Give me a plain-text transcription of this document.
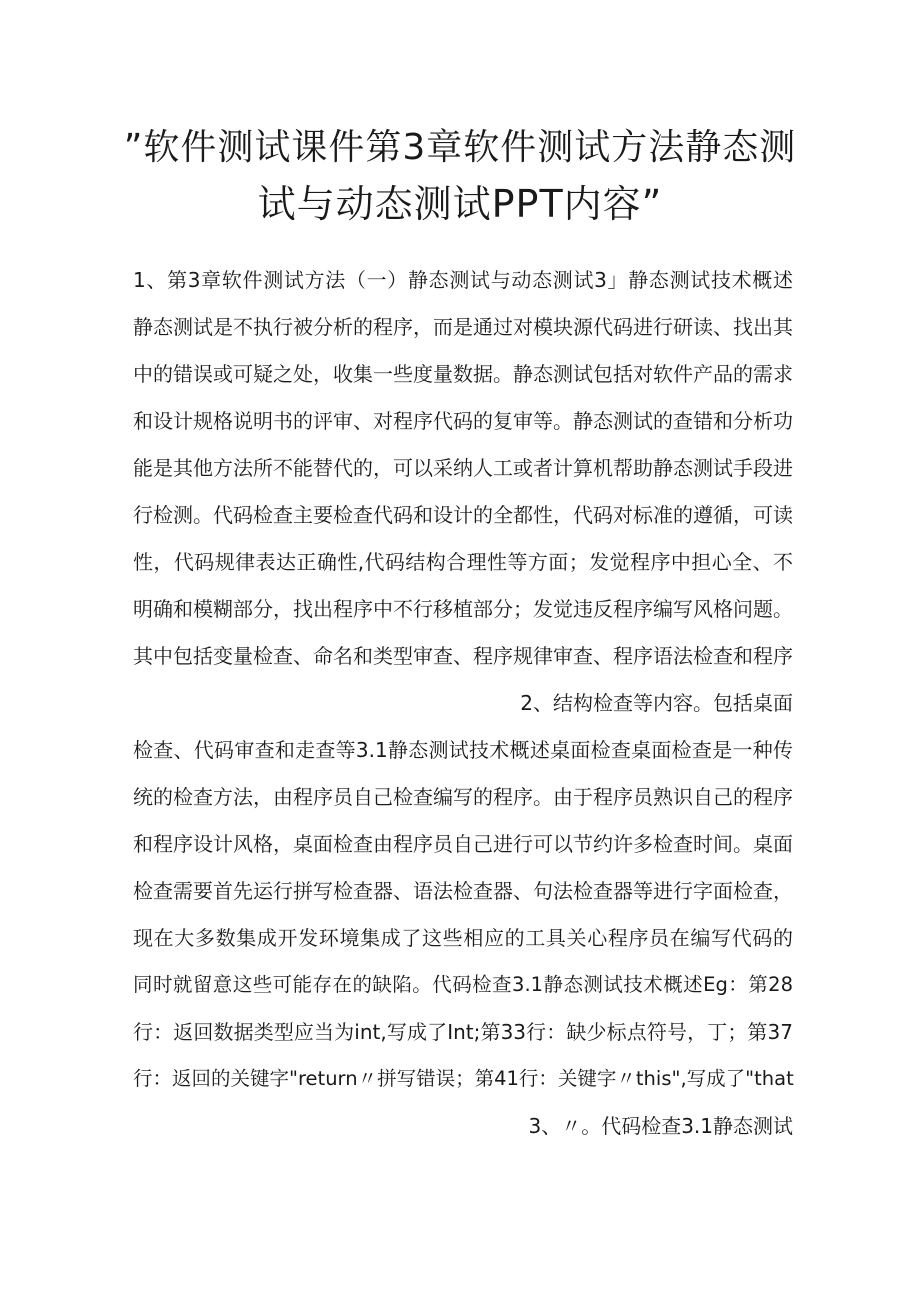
”软件测试课件第3章软件测试方法静态测
试与动态测试PPT内容”
1、第3章软件测试方法（一）静态测试与动态测试3」静态测试技术概述
静态测试是不执行被分析的程序，而是通过对模块源代码进行研读、找出其
中的错误或可疑之处，收集一些度量数据。静态测试包括对软件产品的需求
和设计规格说明书的评审、对程序代码的复审等。静态测试的查错和分析功
能是其他方法所不能替代的，可以采纳人工或者计算机帮助静态测试手段进
行检测。代码检查主要检查代码和设计的全都性，代码对标准的遵循，可读
性，代码规律表达正确性,代码结构合理性等方面；发觉程序中担心全、不
明确和模糊部分，找出程序中不行移植部分；发觉违反程序编写风格问题。
其中包括变量检查、命名和类型审查、程序规律审查、程序语法检查和程序
2、结构检查等内容。包括桌面
检查、代码审查和走查等3.1静态测试技术概述桌面检查桌面检查是一种传
统的检查方法，由程序员自己检查编写的程序。由于程序员熟识自己的程序
和程序设计风格，桌面检查由程序员自己进行可以节约许多检查时间。桌面
检查需要首先运行拼写检查器、语法检查器、句法检查器等进行字面检查，
现在大多数集成开发环境集成了这些相应的工具关心程序员在编写代码的
同时就留意这些可能存在的缺陷。代码检查3.1静态测试技术概述Eg：第28
行：返回数据类型应当为int,写成了Int;第33行：缺少标点符号，丁；第37
行：返回的关键字"return〃拼写错误；第41行：关键字〃this",写成了"that
3、〃。代码检查3.1静态测试
